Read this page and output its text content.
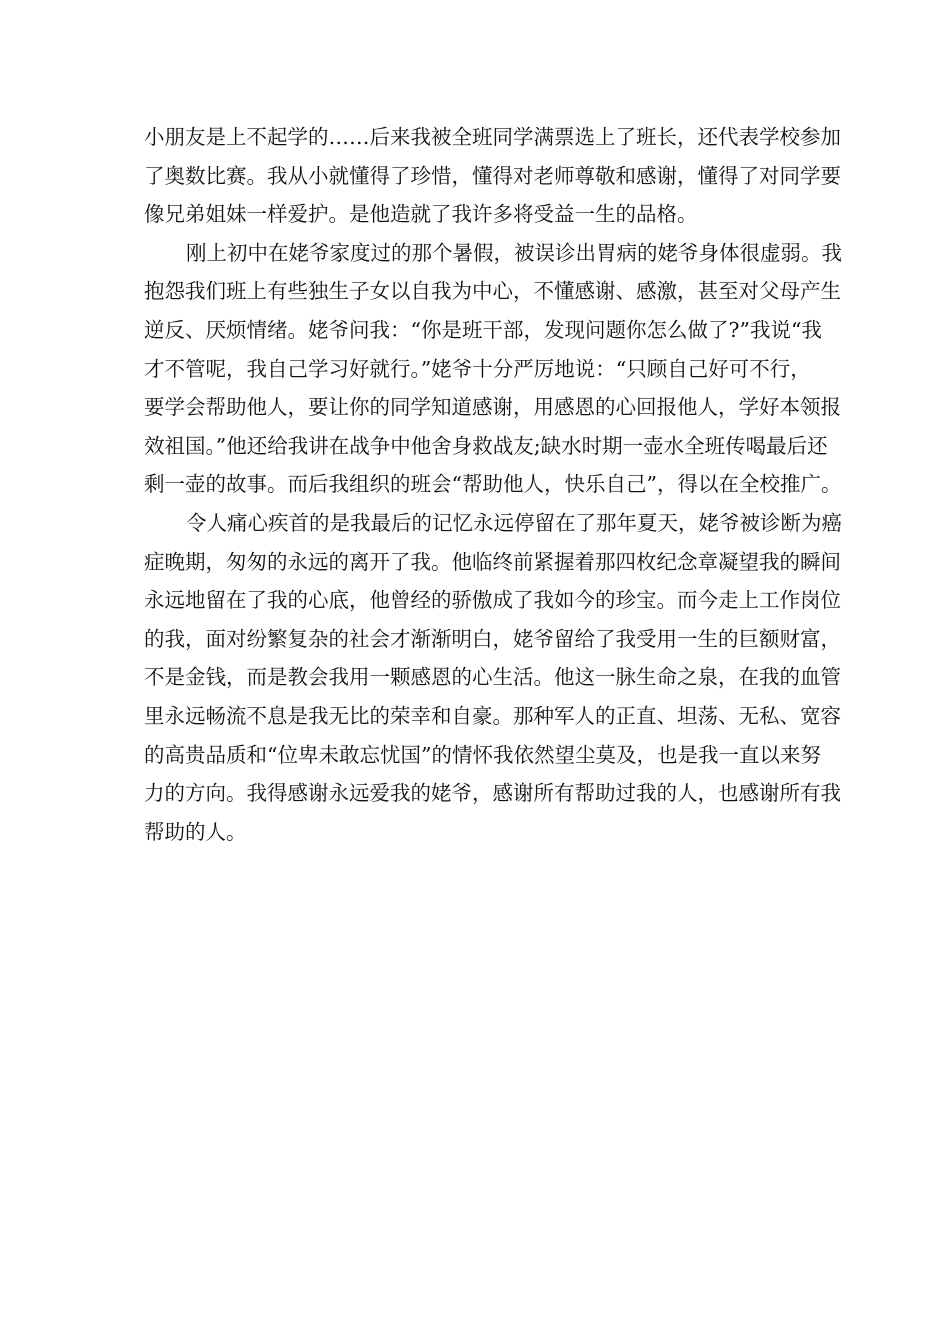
小朋友是上不起学的……后来我被全班同学满票选上了班长，还代表学校参加
了奥数比赛。我从小就懂得了珍惜，懂得对老师尊敬和感谢，懂得了对同学要
像兄弟姐妹一样爱护。是他造就了我许多将受益一生的品格。
刚上初中在姥爷家度过的那个暑假，被误诊出胃病的姥爷身体很虚弱。我
抱怨我们班上有些独生子女以自我为中心，不懂感谢、感激，甚至对父母产生
逆反、厌烦情绪。姥爷问我：“你是班干部，发现问题你怎么做了?”我说“我
才不管呢，我自己学习好就行。”姥爷十分严厉地说：“只顾自己好可不行，
要学会帮助他人，要让你的同学知道感谢，用感恩的心回报他人，学好本领报
效祖国。”他还给我讲在战争中他舍身救战友;缺水时期一壶水全班传喝最后还
剩一壶的故事。而后我组织的班会“帮助他人，快乐自己”，得以在全校推广。
令人痛心疾首的是我最后的记忆永远停留在了那年夏天，姥爷被诊断为癌
症晚期，匆匆的永远的离开了我。他临终前紧握着那四枚纪念章凝望我的瞬间
永远地留在了我的心底，他曾经的骄傲成了我如今的珍宝。而今走上工作岗位
的我，面对纷繁复杂的社会才渐渐明白，姥爷留给了我受用一生的巨额财富，
不是金钱，而是教会我用一颗感恩的心生活。他这一脉生命之泉，在我的血管
里永远畅流不息是我无比的荣幸和自豪。那种军人的正直、坦荡、无私、宽容
的高贵品质和“位卑未敢忘忧国”的情怀我依然望尘莫及，也是我一直以来努
力的方向。我得感谢永远爱我的姥爷，感谢所有帮助过我的人，也感谢所有我
帮助的人。
